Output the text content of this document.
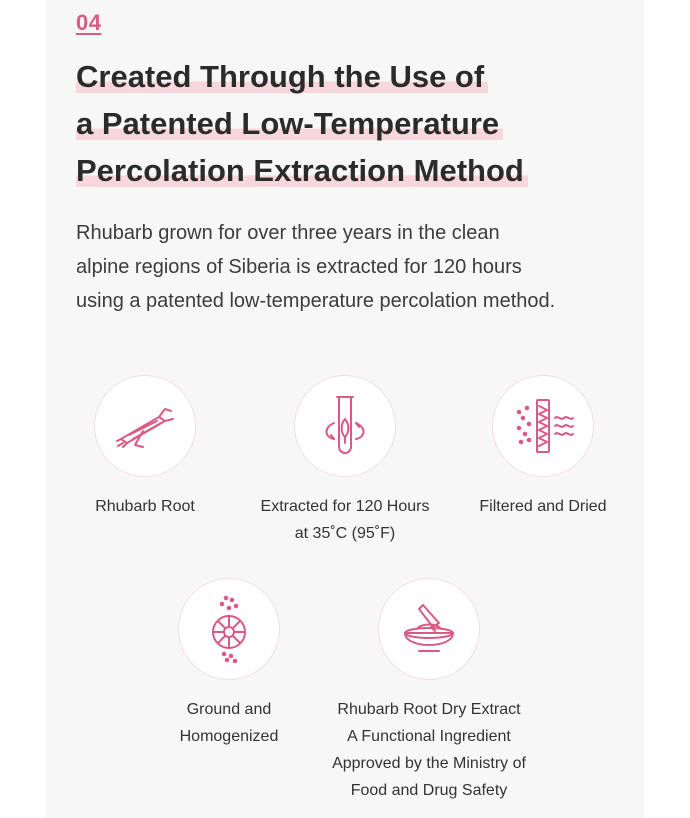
04
Created Through the Use of
a Patented Low-Temperature
Percolation Extraction Method
Rhubarb grown for over three years in the clean
alpine regions of Siberia is extracted for 120 hours
using a patented low-temperature percolation method.
Rhubarb Root	Extracted for 120 Hours
at 35˚C (95˚F)
Filtered and Dried
Ground and
Homogenized
Rhubarb Root Dry Extract
A Functional Ingredient
Approved by the Ministry of
Food and Drug Safety
